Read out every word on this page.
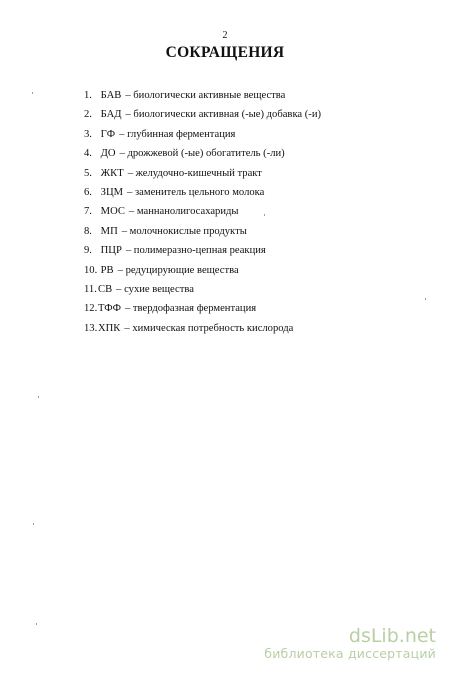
2
СОКРАЩЕНИЯ
1. БАВ – биологически активные вещества
2. БАД – биологически активная (-ые) добавка (-и)
3. ГФ – глубинная ферментация
4. ДО – дрожжевой (-ые) обогатитель (-ли)
5. ЖКТ – желудочно-кишечный тракт
6. ЗЦМ – заменитель цельного молока
7. МОС – маннанолигосахариды
8. МП – молочнокислые продукты
9. ПЦР – полимеразно-цепная реакция
10. РВ – редуцирующие вещества
11.СВ – сухие вещества
12.ТФФ – твердофазная ферментация
13.ХПК – химическая потребность кислорода
dsLib.net
библиотека диссертаций
